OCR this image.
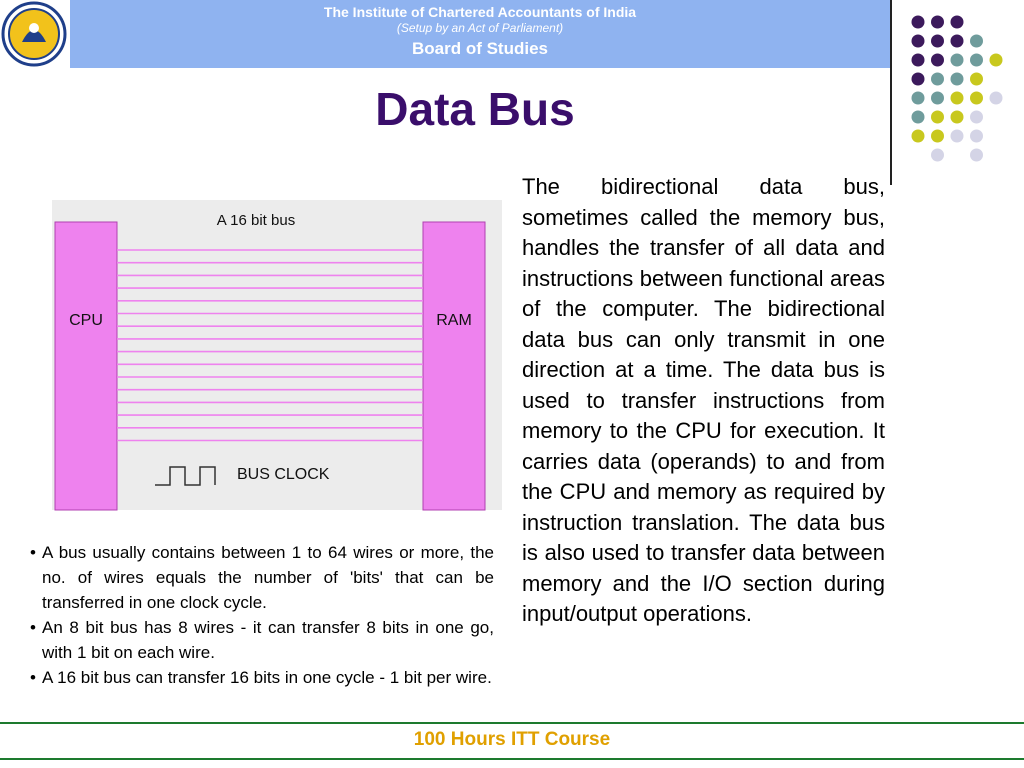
The Institute of Chartered Accountants of India
(Setup by an Act of Parliament)
Board of Studies
Data Bus
A 16 bit bus
CPU	RAM
BUS CLOCK

The bidirectional data bus, sometimes called the memory bus, handles the transfer of all data and instructions between functional areas of the computer. The bidirectional data bus can only transmit in one direction at a time. The data bus is used to transfer instructions from memory to the CPU for execution. It carries data (operands) to and from the CPU and memory as required by instruction translation. The data bus is also used to transfer data between memory and the I/O section during input/output operations.

• A bus usually contains between 1 to 64 wires or more, the no. of wires equals the number of 'bits' that can be transferred in one clock cycle.
• An 8 bit bus has 8 wires - it can transfer 8 bits in one go, with 1 bit on each wire.
• A 16 bit bus can transfer 16 bits in one cycle - 1 bit per wire.
100 Hours ITT Course
